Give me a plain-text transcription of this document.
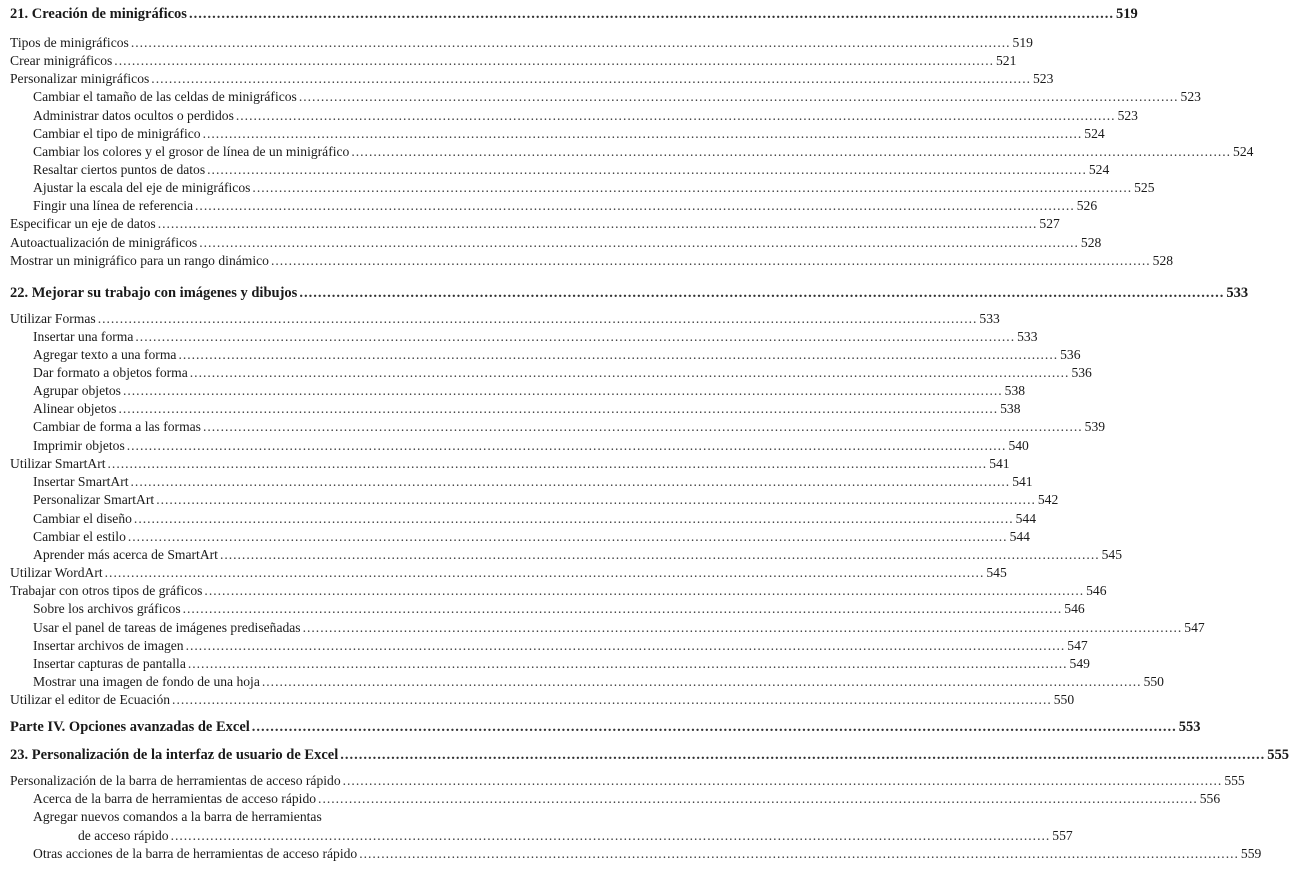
21. Creación de minigráficos ........................................................................................................................................................................................................ 519
Tipos de minigráficos ........................................................................................................................................................................................................ 519
Crear minigráficos ........................................................................................................................................................................................................ 521
Personalizar minigráficos ........................................................................................................................................................................................................ 523
Cambiar el tamaño de las celdas de minigráficos ........................................................................................................................................................................................................ 523
Administrar datos ocultos o perdidos ........................................................................................................................................................................................................ 523
Cambiar el tipo de minigráfico ........................................................................................................................................................................................................ 524
Cambiar los colores y el grosor de línea de un minigráfico ........................................................................................................................................................................................................ 524
Resaltar ciertos puntos de datos ........................................................................................................................................................................................................ 524
Ajustar la escala del eje de minigráficos ........................................................................................................................................................................................................ 525
Fingir una línea de referencia ........................................................................................................................................................................................................ 526
Especificar un eje de datos ........................................................................................................................................................................................................ 527
Autoactualización de minigráficos ........................................................................................................................................................................................................ 528
Mostrar un minigráfico para un rango dinámico ........................................................................................................................................................................................................ 528
22. Mejorar su trabajo con imágenes y dibujos ........................................................................................................................................................................................................ 533
Utilizar Formas ........................................................................................................................................................................................................ 533
Insertar una forma ........................................................................................................................................................................................................ 533
Agregar texto a una forma ........................................................................................................................................................................................................ 536
Dar formato a objetos forma ........................................................................................................................................................................................................ 536
Agrupar objetos ........................................................................................................................................................................................................ 538
Alinear objetos ........................................................................................................................................................................................................ 538
Cambiar de forma a las formas ........................................................................................................................................................................................................ 539
Imprimir objetos ........................................................................................................................................................................................................ 540
Utilizar SmartArt ........................................................................................................................................................................................................ 541
Insertar SmartArt ........................................................................................................................................................................................................ 541
Personalizar SmartArt ........................................................................................................................................................................................................ 542
Cambiar el diseño ........................................................................................................................................................................................................ 544
Cambiar el estilo ........................................................................................................................................................................................................ 544
Aprender más acerca de SmartArt ........................................................................................................................................................................................................ 545
Utilizar WordArt ........................................................................................................................................................................................................ 545
Trabajar con otros tipos de gráficos ........................................................................................................................................................................................................ 546
Sobre los archivos gráficos ........................................................................................................................................................................................................ 546
Usar el panel de tareas de imágenes prediseñadas ........................................................................................................................................................................................................ 547
Insertar archivos de imagen ........................................................................................................................................................................................................ 547
Insertar capturas de pantalla ........................................................................................................................................................................................................ 549
Mostrar una imagen de fondo de una hoja ........................................................................................................................................................................................................ 550
Utilizar el editor de Ecuación ........................................................................................................................................................................................................ 550
Parte IV. Opciones avanzadas de Excel ........................................................................................................................................................................................................ 553
23. Personalización de la interfaz de usuario de Excel ........................................................................................................................................................................................................ 555
Personalización de la barra de herramientas de acceso rápido ........................................................................................................................................................................................................ 555
Acerca de la barra de herramientas de acceso rápido ........................................................................................................................................................................................................ 556
Agregar nuevos comandos a la barra de herramientas
de acceso rápido ........................................................................................................................................................................................................ 557
Otras acciones de la barra de herramientas de acceso rápido ........................................................................................................................................................................................................ 559
